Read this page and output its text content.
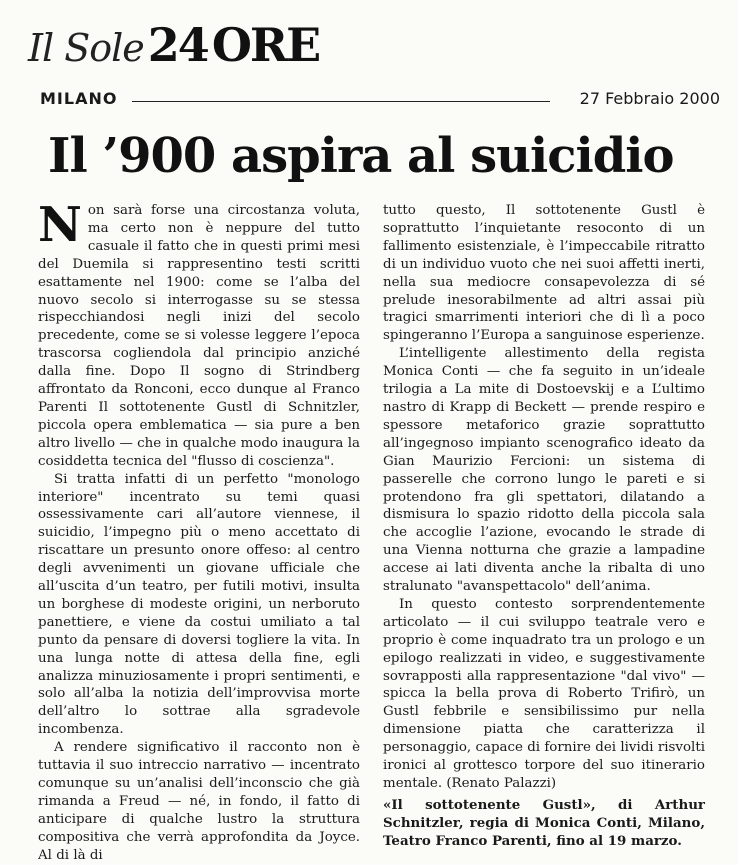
Il Sole24ORE
MILANO	27 Febbraio 2000
Il ’900 aspira al suicidio

Non sarà forse una circostanza voluta, ma certo non è neppure del tutto casuale il fatto che in questi primi mesi del Duemila si rappresentino testi scritti esattamente nel 1900: come se l’alba del nuovo secolo si interrogasse su se stessa rispecchiandosi negli inizi del secolo precedente, come se si volesse leggere l’epoca trascorsa cogliendola dal principio anziché dalla fine. Dopo Il sogno di Strindberg affrontato da Ronconi, ecco dunque al Franco Parenti Il sottotenente Gustl di Schnitzler, piccola opera emblematica — sia pure a ben altro livello — che in qualche modo inaugura la cosiddetta tecnica del "flusso di coscienza".

Si tratta infatti di un perfetto "monologo interiore" incentrato su temi quasi ossessivamente cari all’autore viennese, il suicidio, l’impegno più o meno accettato di riscattare un presunto onore offeso: al centro degli avvenimenti un giovane ufficiale che all’uscita d’un teatro, per futili motivi, insulta un borghese di modeste origini, un nerboruto panettiere, e viene da costui umiliato a tal punto da pensare di doversi togliere la vita. In una lunga notte di attesa della fine, egli analizza minuziosamente i propri sentimenti, e solo all’alba la notizia dell’improvvisa morte dell’altro lo sottrae alla sgradevole incombenza.

A rendere significativo il racconto non è tuttavia il suo intreccio narrativo — incentrato comunque su un’analisi dell’inconscio che già rimanda a Freud — né, in fondo, il fatto di anticipare di qualche lustro la struttura compositiva che verrà approfondita da Joyce. Al di là di

tutto questo, Il sottotenente Gustl è soprattutto l’inquietante resoconto di un fallimento esistenziale, è l’impeccabile ritratto di un individuo vuoto che nei suoi affetti inerti, nella sua mediocre consapevolezza di sé prelude inesorabilmente ad altri assai più tragici smarrimenti interiori che di lì a poco spingeranno l’Europa a sanguinose esperienze.

L’intelligente allestimento della regista Monica Conti — che fa seguito in un’ideale trilogia a La mite di Dostoevskij e a L’ultimo nastro di Krapp di Beckett — prende respiro e spessore metaforico grazie soprattutto all’ingegnoso impianto scenografico ideato da Gian Maurizio Fercioni: un sistema di passerelle che corrono lungo le pareti e si protendono fra gli spettatori, dilatando a dismisura lo spazio ridotto della piccola sala che accoglie l’azione, evocando le strade di una Vienna notturna che grazie a lampadine accese ai lati diventa anche la ribalta di uno stralunato "avanspettacolo" dell’anima.

In questo contesto sorprendentemente articolato — il cui sviluppo teatrale vero e proprio è come inquadrato tra un prologo e un epilogo realizzati in video, e suggestivamente sovrapposti alla rappresentazione "dal vivo" — spicca la bella prova di Roberto Trifirò, un Gustl febbrile e sensibilissimo pur nella dimensione piatta che caratterizza il personaggio, capace di fornire dei lividi risvolti ironici al grottesco torpore del suo itinerario mentale. (Renato Palazzi)

«Il sottotenente Gustl», di Arthur Schnitzler, regia di Monica Conti, Milano, Teatro Franco Parenti, fino al 19 marzo.
